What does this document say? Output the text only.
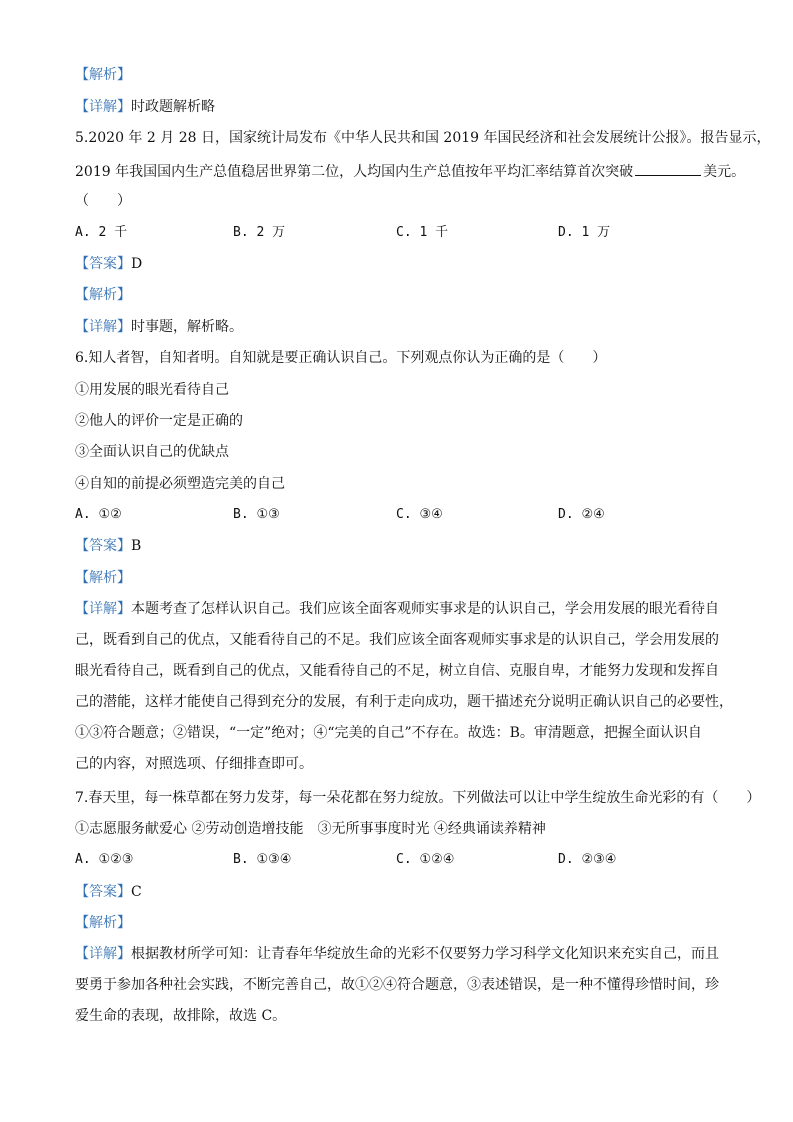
【解析】
【详解】时政题解析略
5.2020 年 2 月 28 日，国家统计局发布《中华人民共和国 2019 年国民经济和社会发展统计公报》。报告显示，
2019 年我国国内生产总值稳居世界第二位，人均国内生产总值按年平均汇率结算首次突破	美元。
（　　）
A. 2 千	B. 2 万	C. 1 千	D. 1 万
【答案】D
【解析】
【详解】时事题，解析略。
6.知人者智，自知者明。自知就是要正确认识自己。下列观点你认为正确的是（　　）
①用发展的眼光看待自己
②他人的评价一定是正确的
③全面认识自己的优缺点
④自知的前提必须塑造完美的自己
A. ①②	B. ①③	C. ③④	D. ②④
【答案】B
【解析】
【详解】本题考查了怎样认识自己。我们应该全面客观师实事求是的认识自己，学会用发展的眼光看待自
己，既看到自己的优点，又能看待自己的不足。我们应该全面客观师实事求是的认识自己，学会用发展的
眼光看待自己，既看到自己的优点，又能看待自己的不足，树立自信、克服自卑，才能努力发现和发挥自
己的潜能，这样才能使自己得到充分的发展，有利于走向成功，题干描述充分说明正确认识自己的必要性，
①③符合题意；②错误，“一定”绝对；④“完美的自己”不存在。故选：B。审清题意，把握全面认识自
己的内容，对照选项、仔细排查即可。
7.春天里，每一株草都在努力发芽，每一朵花都在努力绽放。下列做法可以让中学生绽放生命光彩的有（　　）
①志愿服务献爱心 ②劳动创造增技能　③无所事事度时光 ④经典诵读养精神
A. ①②③	B. ①③④	C. ①②④	D. ②③④
【答案】C
【解析】
【详解】根据教材所学可知：让青春年华绽放生命的光彩不仅要努力学习科学文化知识来充实自己，而且
要勇于参加各种社会实践，不断完善自己，故①②④符合题意，③表述错误，是一种不懂得珍惜时间，珍
爱生命的表现，故排除，故选 C。
